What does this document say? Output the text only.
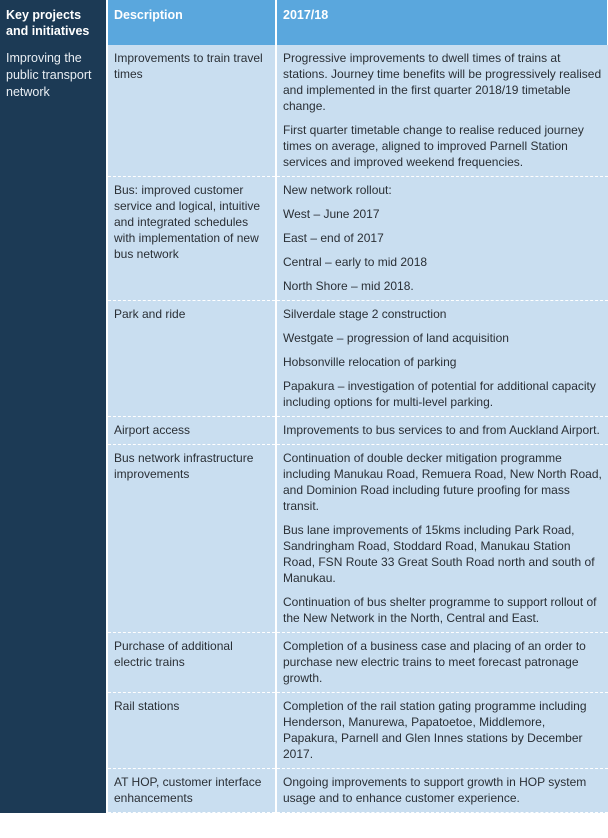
Key projects and initiatives	Description	2017/18
Improving the public transport network	Improvements to train travel times	Progressive improvements to dwell times of trains at stations. Journey time benefits will be progressively realised and implemented in the first quarter 2018/19 timetable change.
First quarter timetable change to realise reduced journey times on average, aligned to improved Parnell Station services and improved weekend frequencies.

	Bus: improved customer service and logical, intuitive and integrated schedules with implementation of new bus network	New network rollout:
West – June 2017
East – end of 2017
Central – early to mid 2018
North Shore – mid 2018.

	Park and ride	Silverdale stage 2 construction
Westgate – progression of land acquisition
Hobsonville relocation of parking
Papakura – investigation of potential for additional capacity including options for multi-level parking.

	Airport access	Improvements to bus services to and from Auckland Airport.

	Bus network infrastructure improvements	Continuation of double decker mitigation programme including Manukau Road, Remuera Road, New North Road, and Dominion Road including future proofing for mass transit.
Bus lane improvements of 15kms including Park Road, Sandringham Road, Stoddard Road, Manukau Station Road, FSN Route 33 Great South Road north and south of Manukau.
Continuation of bus shelter programme to support rollout of the New Network in the North, Central and East.

	Purchase of additional electric trains	Completion of a business case and placing of an order to purchase new electric trains to meet forecast patronage growth.

	Rail stations	Completion of the rail station gating programme including Henderson, Manurewa, Papatoetoe, Middlemore, Papakura, Parnell and Glen Innes stations by December 2017.

	AT HOP, customer interface enhancements	Ongoing improvements to support growth in HOP system usage and to enhance customer experience.
